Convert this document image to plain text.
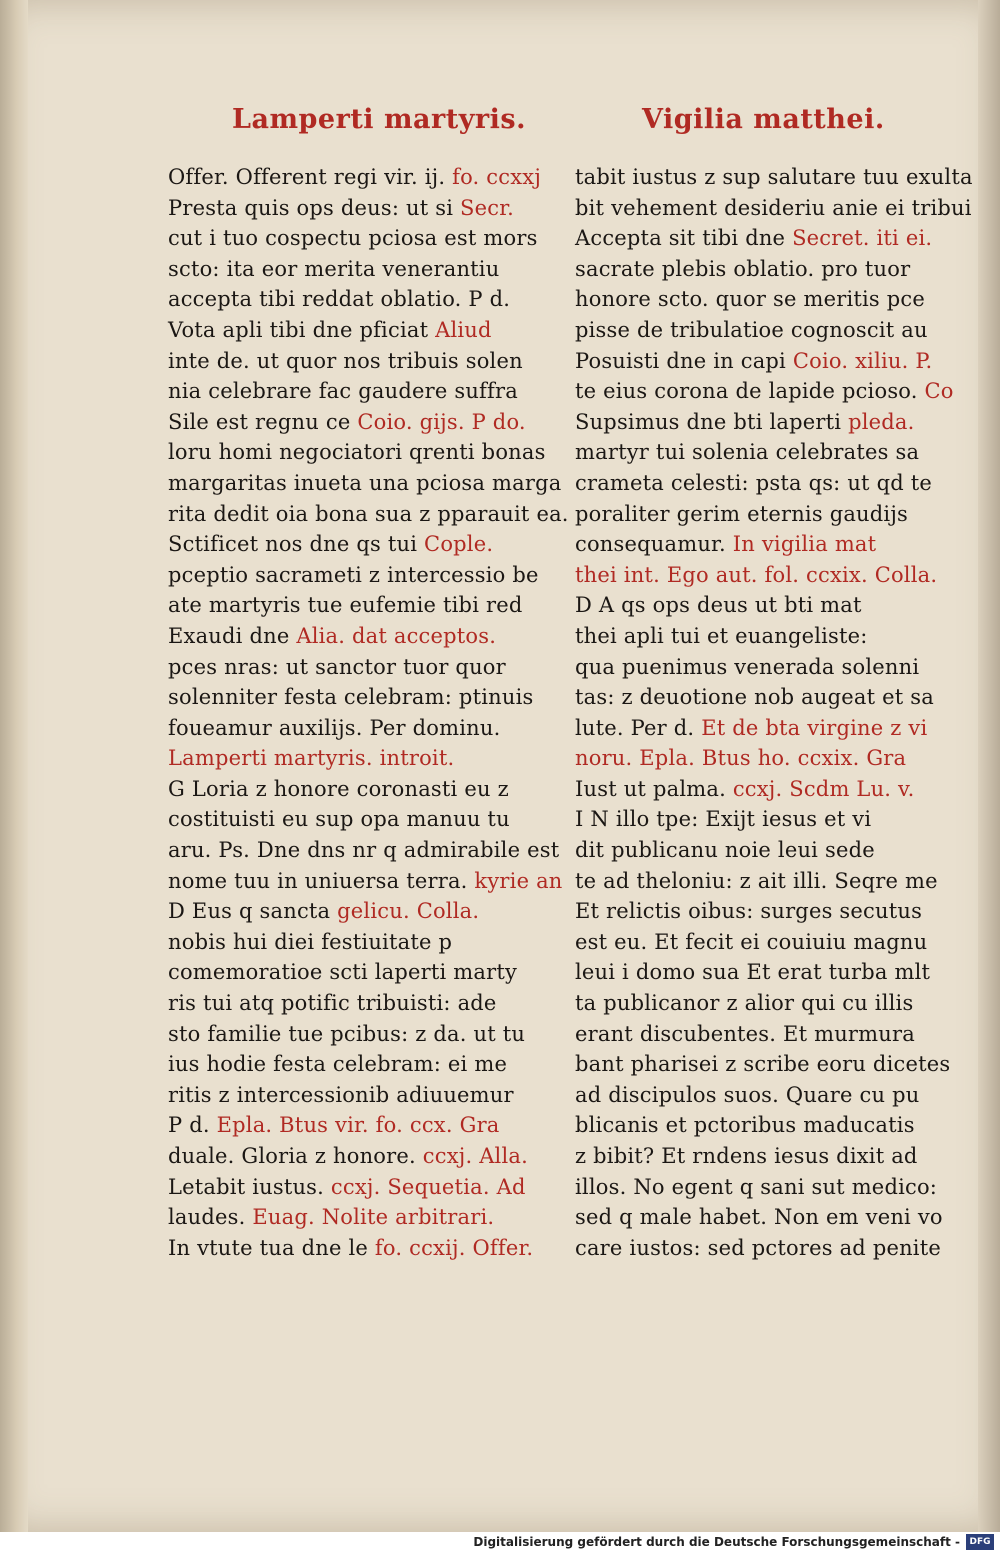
Lamperti martyris.	Vigilia matthei.
Offer. Offerent regi vir. ij. fo. ccxxj
Presta quis ops deus: ut si Secr.
cut i tuo cospectu pciosa est mors
scto: ita eor merita venerantiu
accepta tibi reddat oblatio. P d.
Vota apli tibi dne pficiat Aliud
inte de. ut quor nos tribuis solen
nia celebrare fac gaudere suffra
Sile est regnu ce Coio. gijs. P do.
loru homi negociatori qrenti bonas
margaritas inueta una pciosa marga
rita dedit oia bona sua z pparauit ea.
Sctificet nos dne qs tui Cople.
pceptio sacrameti z intercessio be
ate martyris tue eufemie tibi red
Exaudi dne Alia. dat acceptos.
pces nras: ut sanctor tuor quor
solenniter festa celebram: ptinuis
foueamur auxilijs. Per dominu.
Lamperti martyris. introit.
G Loria z honore coronasti eu z
costituisti eu sup opa manuu tu
aru. Ps. Dne dns nr q admirabile est
nome tuu in uniuersa terra. kyrie an
D Eus q sancta gelicu. Colla.
nobis hui diei festiuitate p
comemoratioe scti laperti marty
ris tui atq potific tribuisti: ade
sto familie tue pcibus: z da. ut tu
ius hodie festa celebram: ei me
ritis z intercessionib adiuuemur
P d. Epla. Btus vir. fo. ccx. Gra
duale. Gloria z honore. ccxj. Alla.
Letabit iustus. ccxj. Sequetia. Ad
laudes. Euag. Nolite arbitrari.
In vtute tua dne le fo. ccxij. Offer.
tabit iustus z sup salutare tuu exulta
bit vehement desideriu anie ei tribui
Accepta sit tibi dne Secret. iti ei.
sacrate plebis oblatio. pro tuor
honore scto. quor se meritis pce
pisse de tribulatioe cognoscit au
Posuisti dne in capi Coio. xiliu. P.
te eius corona de lapide pcioso. Co
Supsimus dne bti laperti pleda.
martyr tui solenia celebrates sa
crameta celesti: psta qs: ut qd te
poraliter gerim eternis gaudijs
consequamur. In vigilia mat
thei int. Ego aut. fol. ccxix. Colla.
D A qs ops deus ut bti mat
thei apli tui et euangeliste:
qua puenimus venerada solenni
tas: z deuotione nob augeat et sa
lute. Per d. Et de bta virgine z vi
noru. Epla. Btus ho. ccxix. Gra
Iust ut palma. ccxj. Scdm Lu. v.
I N illo tpe: Exijt iesus et vi
dit publicanu noie leui sede
te ad theloniu: z ait illi. Seqre me
Et relictis oibus: surges secutus
est eu. Et fecit ei couiuiu magnu
leui i domo sua Et erat turba mlt
ta publicanor z alior qui cu illis
erant discubentes. Et murmura
bant pharisei z scribe eoru dicetes
ad discipulos suos. Quare cu pu
blicanis et pctoribus maducatis
z bibit? Et rndens iesus dixit ad
illos. No egent q sani sut medico:
sed q male habet. Non em veni vo
care iustos: sed pctores ad penite
Digitalisierung gefördert durch die Deutsche Forschungsgemeinschaft -	DFG
